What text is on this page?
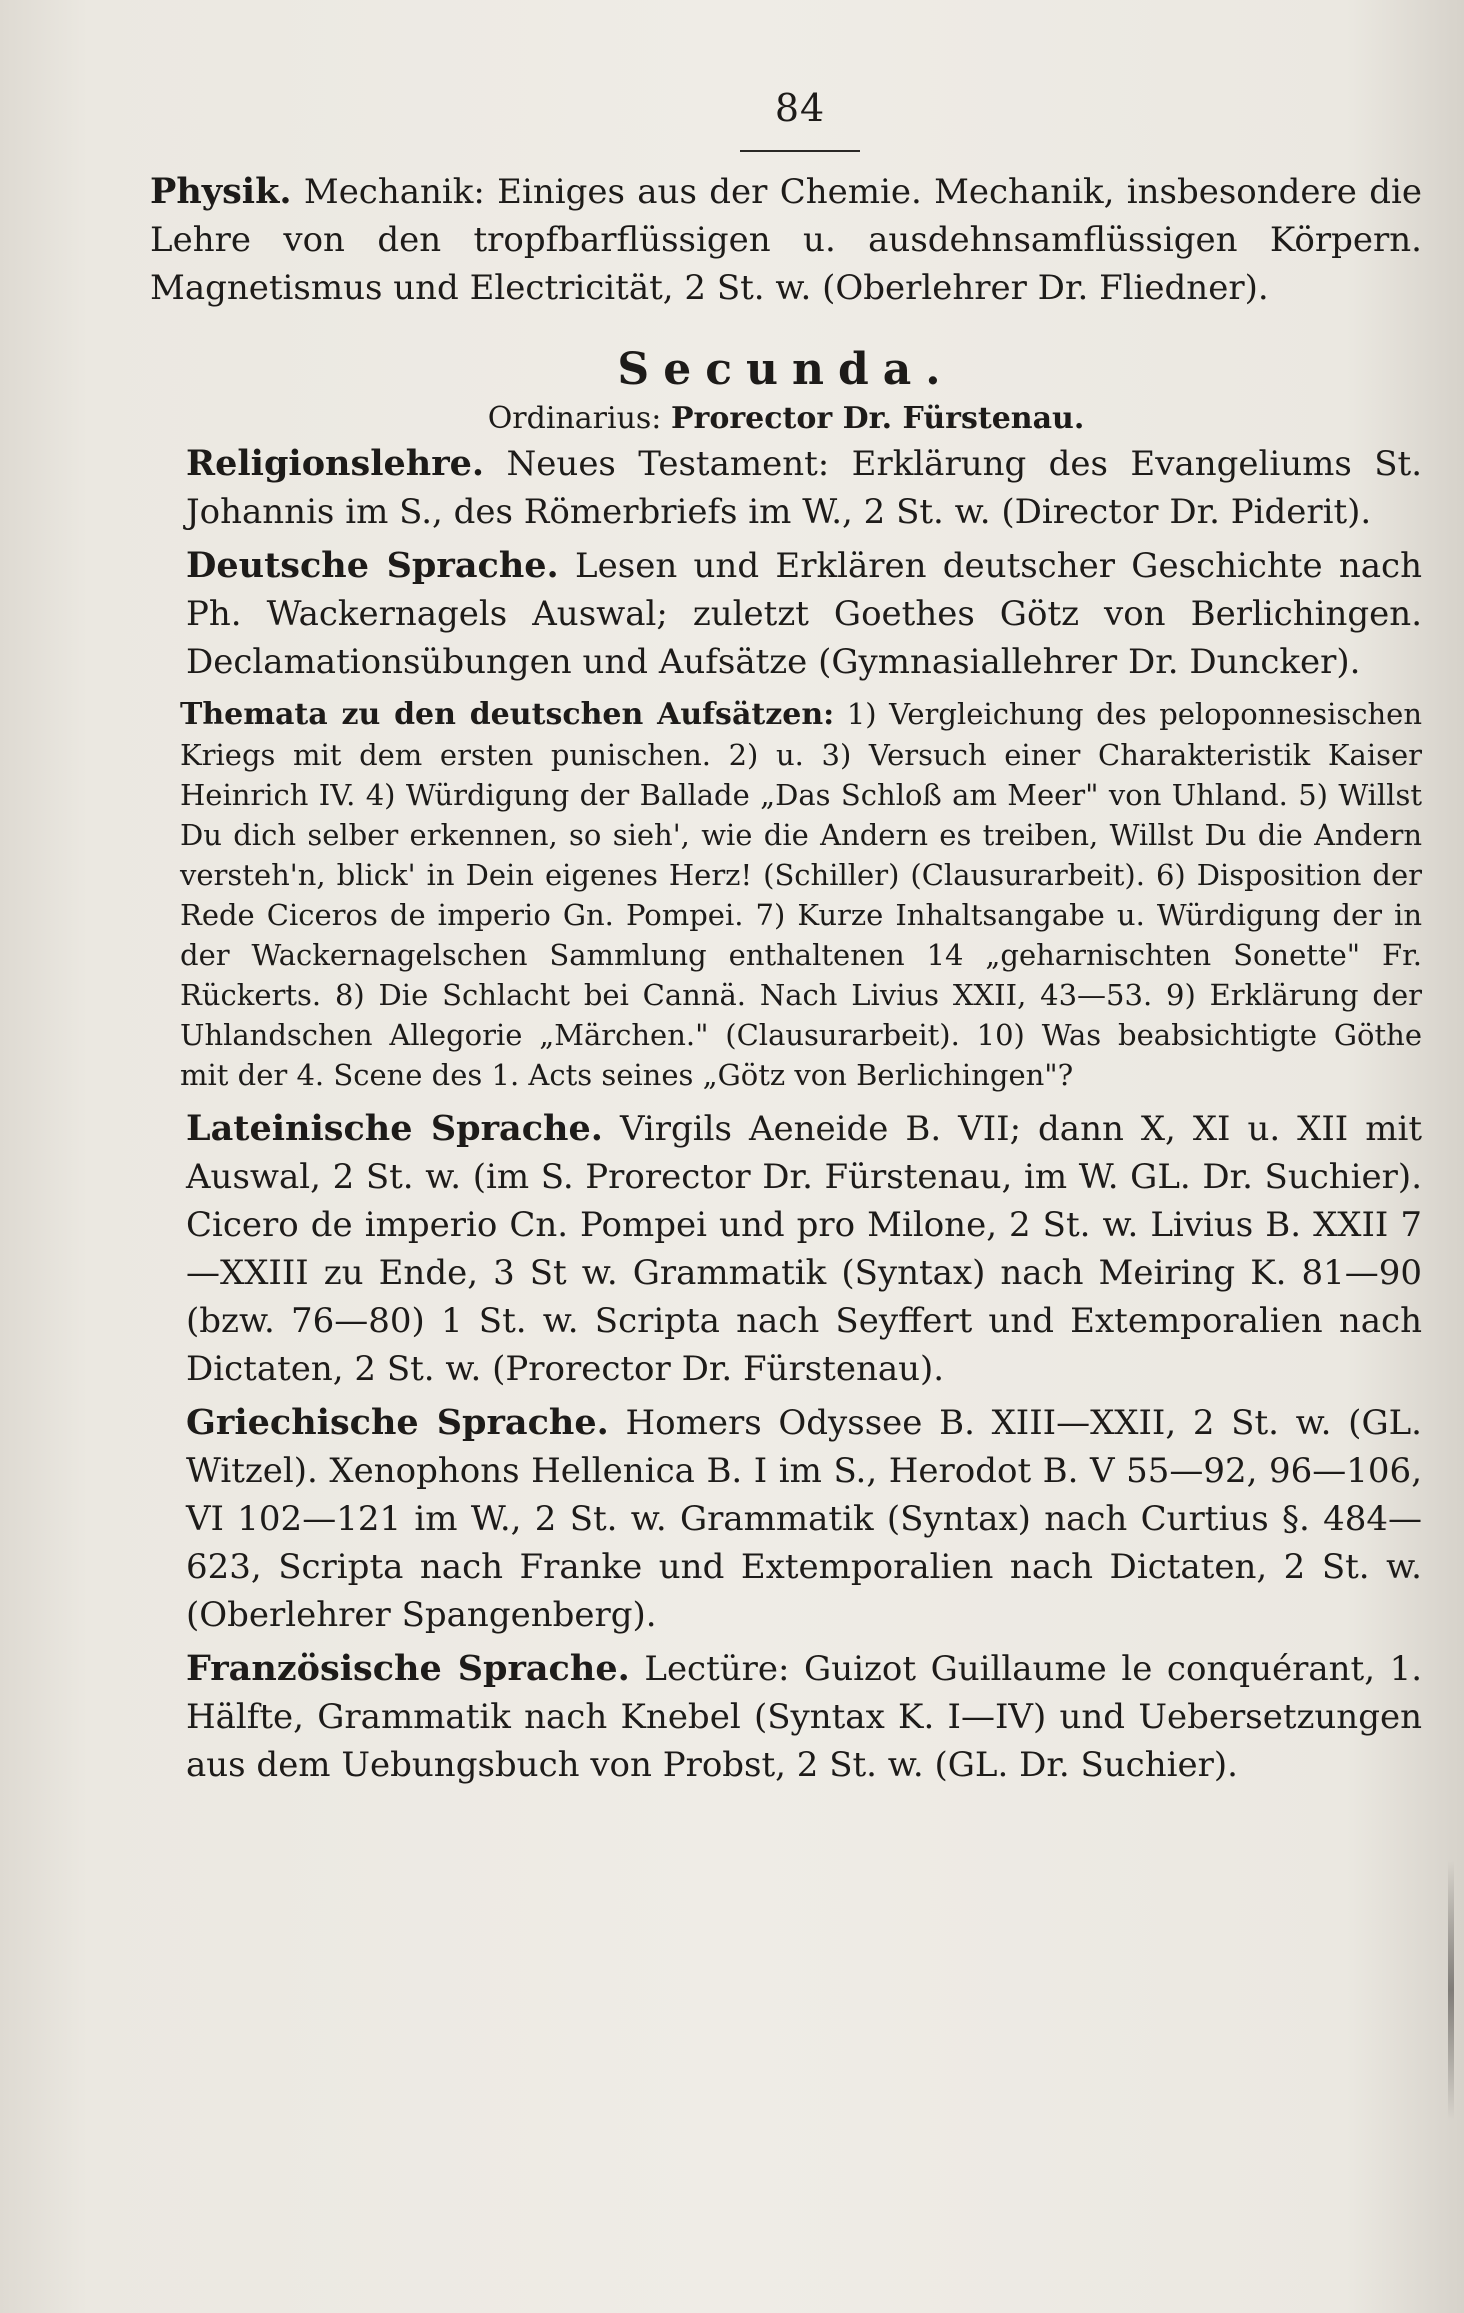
84

Physik. Mechanik: Einiges aus der Chemie. Mechanik, insbesondere die Lehre von den tropfbarflüssigen u. ausdehnsamflüssigen Körpern. Magnetismus und Electricität, 2 St. w. (Oberlehrer Dr. Fliedner).

Secunda.
Ordinarius: Prorector Dr. Fürstenau.

Religionslehre. Neues Testament: Erklärung des Evangeliums St. Johannis im S., des Römerbriefs im W., 2 St. w. (Director Dr. Piderit).

Deutsche Sprache. Lesen und Erklären deutscher Geschichte nach Ph. Wackernagels Auswal; zuletzt Goethes Götz von Berlichingen. Declamationsübungen und Aufsätze (Gymnasiallehrer Dr. Duncker).

Themata zu den deutschen Aufsätzen: 1) Vergleichung des peloponnesischen Kriegs mit dem ersten punischen. 2) u. 3) Versuch einer Charakteristik Kaiser Heinrich IV. 4) Würdigung der Ballade „Das Schloß am Meer" von Uhland. 5) Willst Du dich selber erkennen, so sieh', wie die Andern es treiben, Willst Du die Andern versteh'n, blick' in Dein eigenes Herz! (Schiller) (Clausurarbeit). 6) Disposition der Rede Ciceros de imperio Gn. Pompei. 7) Kurze Inhaltsangabe u. Würdigung der in der Wackernagelschen Sammlung enthaltenen 14 „geharnischten Sonette" Fr. Rückerts. 8) Die Schlacht bei Cannä. Nach Livius XXII, 43—53. 9) Erklärung der Uhlandschen Allegorie „Märchen." (Clausurarbeit). 10) Was beabsichtigte Göthe mit der 4. Scene des 1. Acts seines „Götz von Berlichingen"?

Lateinische Sprache. Virgils Aeneide B. VII; dann X, XI u. XII mit Auswal, 2 St. w. (im S. Prorector Dr. Fürstenau, im W. GL. Dr. Suchier). Cicero de imperio Cn. Pompei und pro Milone, 2 St. w. Livius B. XXII 7—XXIII zu Ende, 3 St w. Grammatik (Syntax) nach Meiring K. 81—90 (bzw. 76—80) 1 St. w. Scripta nach Seyffert und Extemporalien nach Dictaten, 2 St. w. (Prorector Dr. Fürstenau).

Griechische Sprache. Homers Odyssee B. XIII—XXII, 2 St. w. (GL. Witzel). Xenophons Hellenica B. I im S., Herodot B. V 55—92, 96—106, VI 102—121 im W., 2 St. w. Grammatik (Syntax) nach Curtius §. 484—623, Scripta nach Franke und Extemporalien nach Dictaten, 2 St. w. (Oberlehrer Spangenberg).

Französische Sprache. Lectüre: Guizot Guillaume le conquérant, 1. Hälfte, Grammatik nach Knebel (Syntax K. I—IV) und Uebersetzungen aus dem Uebungsbuch von Probst, 2 St. w. (GL. Dr. Suchier).
